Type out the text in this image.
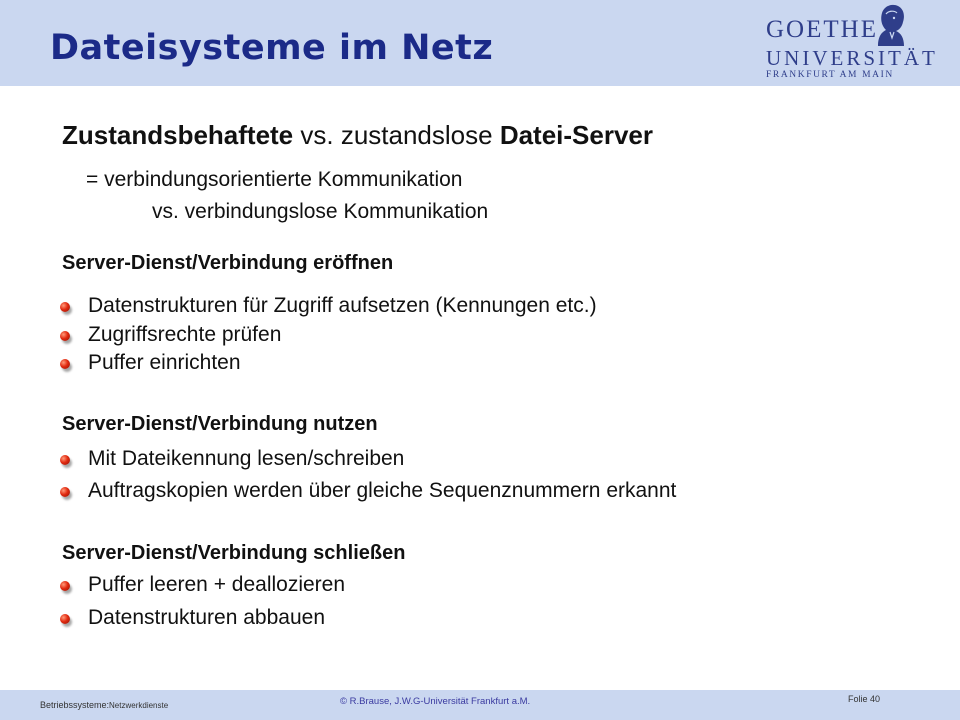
Dateisysteme im Netz	GOETHE
UNIVERSITÄT
FRANKFURT AM MAIN
Zustandsbehaftete vs. zustandslose Datei-Server
= verbindungsorientierte Kommunikation
vs. verbindungslose Kommunikation
Server-Dienst/Verbindung eröffnen
Datenstrukturen für Zugriff aufsetzen (Kennungen etc.)
Zugriffsrechte prüfen
Puffer einrichten
Server-Dienst/Verbindung nutzen
Mit Dateikennung lesen/schreiben
Auftragskopien werden über gleiche Sequenznummern erkannt
Server-Dienst/Verbindung schließen
Puffer leeren + deallozieren
Datenstrukturen abbauen
Betriebssysteme:Netzwerkdienste	© R.Brause, J.W.G-Universität Frankfurt a.M.	Folie 40
